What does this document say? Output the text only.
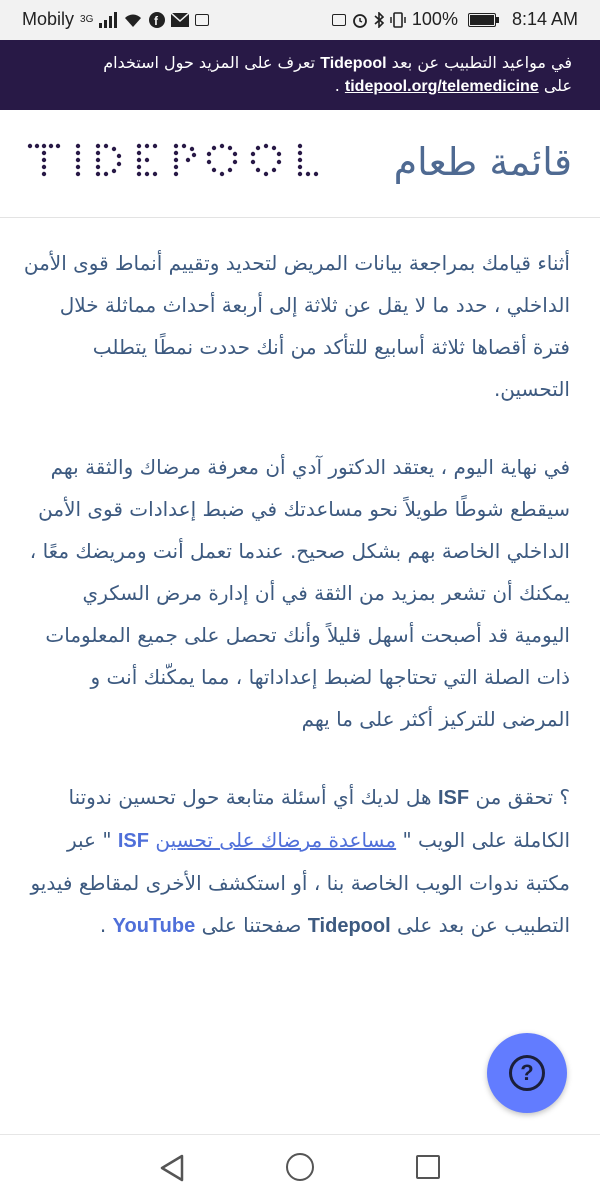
Mobily 3G	f	100%	8:14 AM
في مواعيد التطبيب عن بعد Tidepool تعرف على المزيد حول استخدام
على tidepool.org/telemedicine .
TIDEPOOL	قائمة طعام

أثناء قيامك بمراجعة بيانات المريض لتحديد وتقييم أنماط قوى الأمن الداخلي ، حدد ما لا يقل عن ثلاثة إلى أربعة أحداث مماثلة خلال فترة أقصاها ثلاثة أسابيع للتأكد من أنك حددت نمطًا يتطلب التحسين.

في نهاية اليوم ، يعتقد الدكتور آدي أن معرفة مرضاك والثقة بهم سيقطع شوطًا طويلاً نحو مساعدتك في ضبط إعدادات قوى الأمن الداخلي الخاصة بهم بشكل صحيح. عندما تعمل أنت ومريضك معًا ، يمكنك أن تشعر بمزيد من الثقة في أن إدارة مرض السكري اليومية قد أصبحت أسهل قليلاً وأنك تحصل على جميع المعلومات ذات الصلة التي تحتاجها لضبط إعداداتها ، مما يمكّنك أنت و المرضى للتركيز أكثر على ما يهم

؟ تحقق من ISF هل لديك أي أسئلة متابعة حول تحسين ندوتنا الكاملة على الويب " مساعدة مرضاك على تحسين ISF " عبر مكتبة ندوات الويب الخاصة بنا ، أو استكشف الأخرى لمقاطع فيديو التطبيب عن بعد على Tidepool صفحتنا على YouTube .

?
